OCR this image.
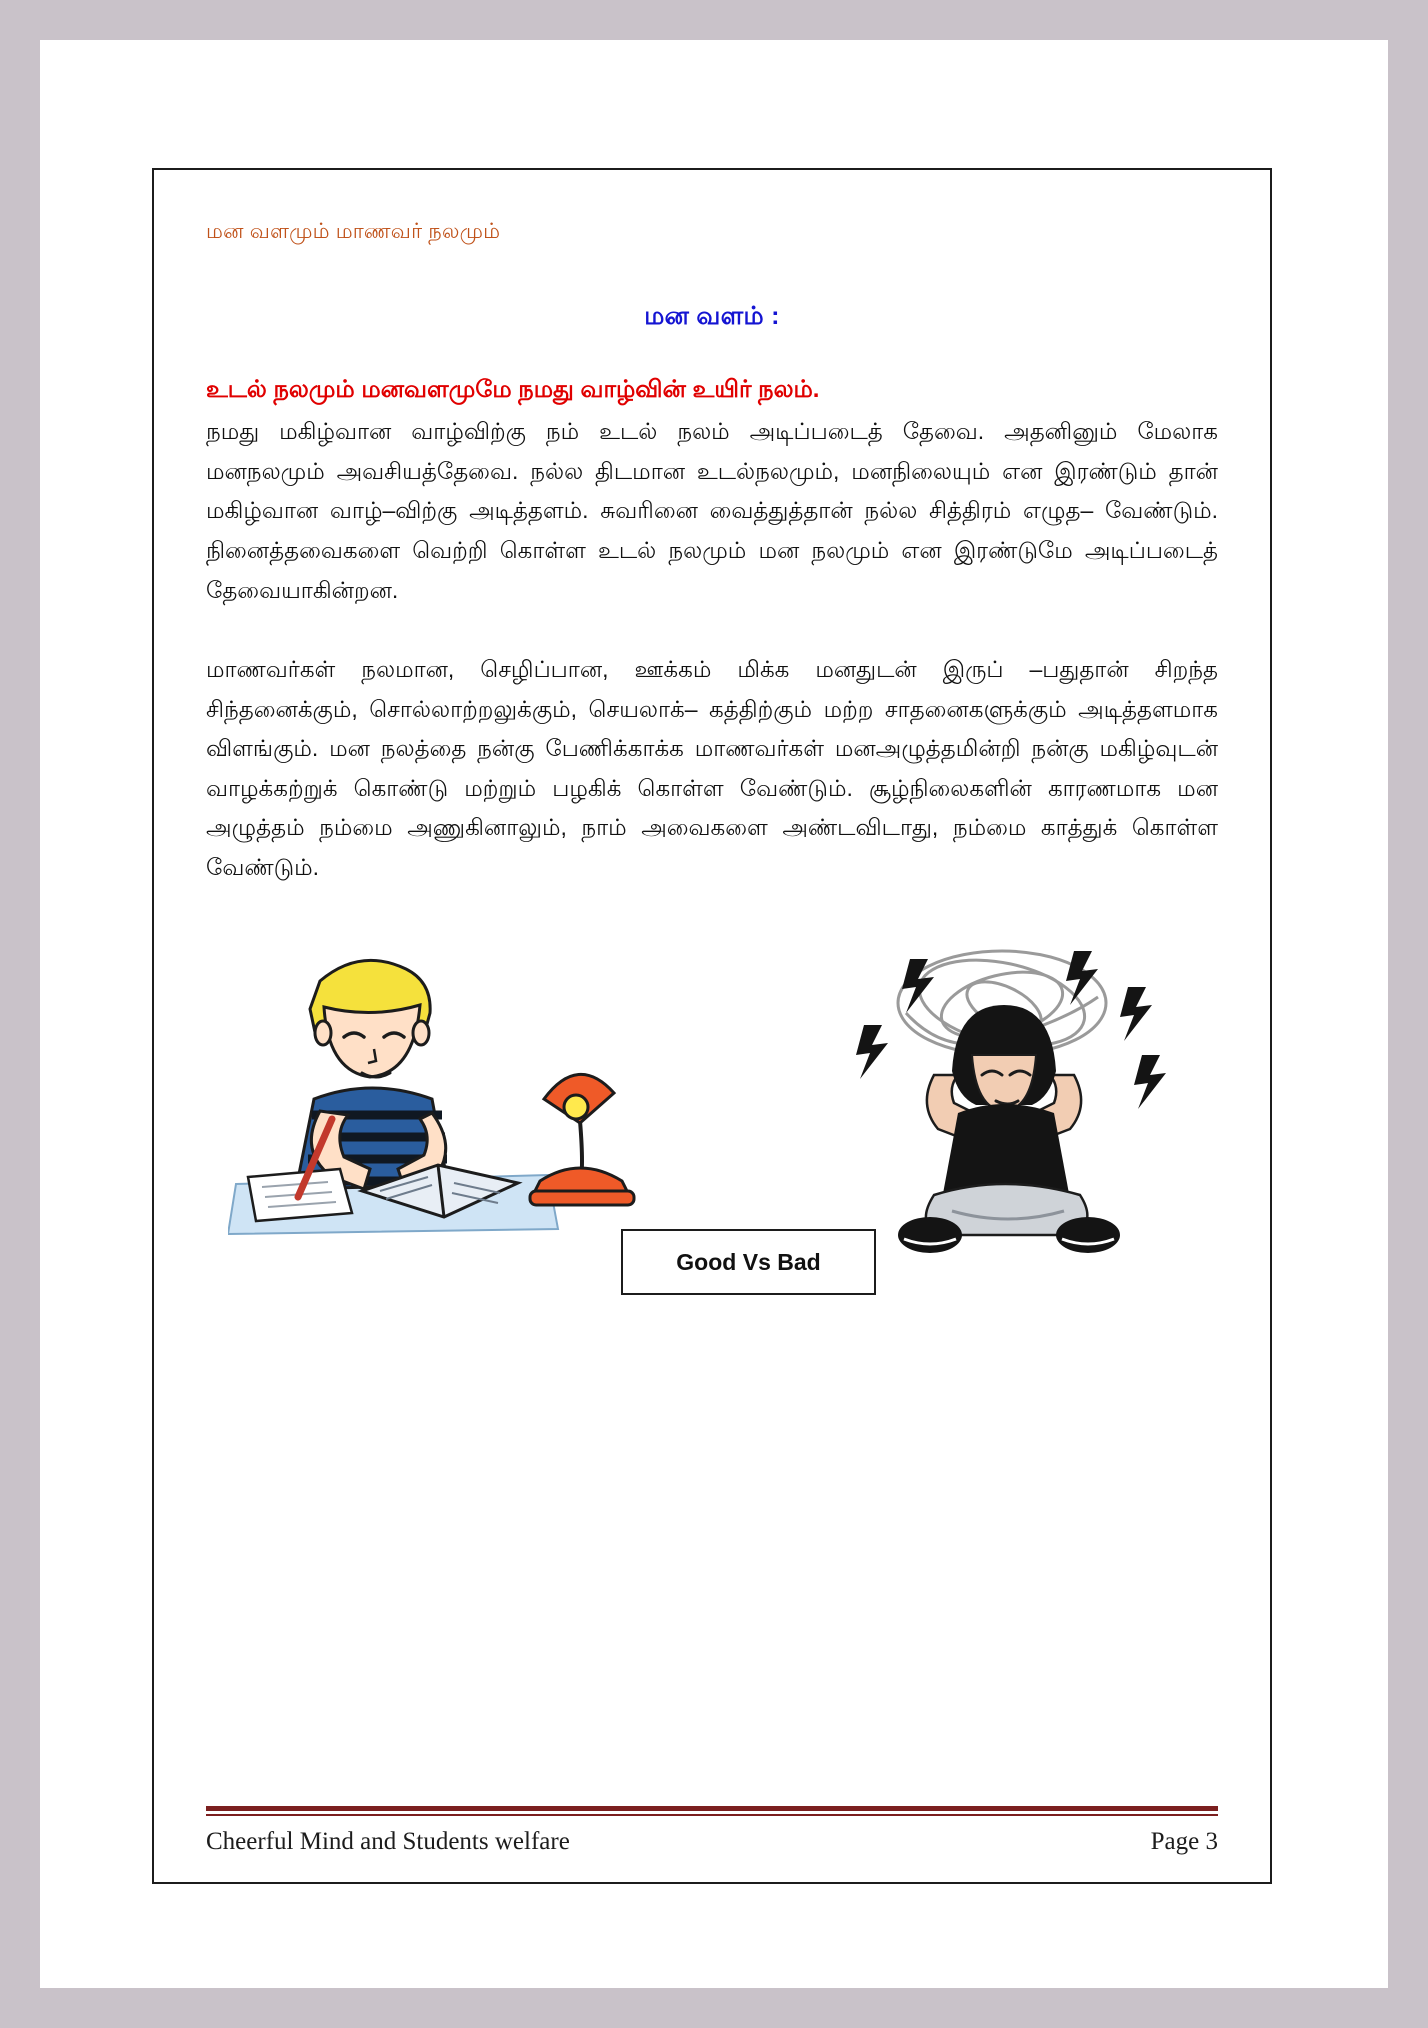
மன வளமும் மாணவர் நலமும்
மன வளம் :
உடல் நலமும் மனவளமுமே நமது வாழ்வின் உயிர் நலம்.
நமது மகிழ்வான வாழ்விற்கு நம் உடல் நலம் அடிப்படைத் தேவை. அதனினும் மேலாக மனநலமும் அவசியத்தேவை. நல்ல திடமான உடல்நலமும், மனநிலையும் என இரண்டும் தான் மகிழ்வான வாழ்–விற்கு அடித்தளம். சுவரினை வைத்துத்தான் நல்ல சித்திரம் எழுத– வேண்டும். நினைத்தவைகளை வெற்றி கொள்ள உடல் நலமும் மன நலமும் என இரண்டுமே அடிப்படைத் தேவையாகின்றன.
மாணவர்கள் நலமான, செழிப்பான, ஊக்கம் மிக்க மனதுடன் இருப் –பதுதான் சிறந்த சிந்தனைக்கும், சொல்லாற்றலுக்கும், செயலாக்– கத்திற்கும் மற்ற சாதனைகளுக்கும் அடித்தளமாக விளங்கும். மன நலத்தை நன்கு பேணிக்காக்க மாணவர்கள் மனஅழுத்தமின்றி நன்கு மகிழ்வுடன் வாழக்கற்றுக் கொண்டு மற்றும் பழகிக் கொள்ள வேண்டும். சூழ்நிலைகளின் காரணமாக மன அழுத்தம் நம்மை அணுகினாலும், நாம் அவைகளை அண்டவிடாது, நம்மை காத்துக் கொள்ள வேண்டும்.
Good Vs Bad
Cheerful Mind and Students welfare	Page 3
